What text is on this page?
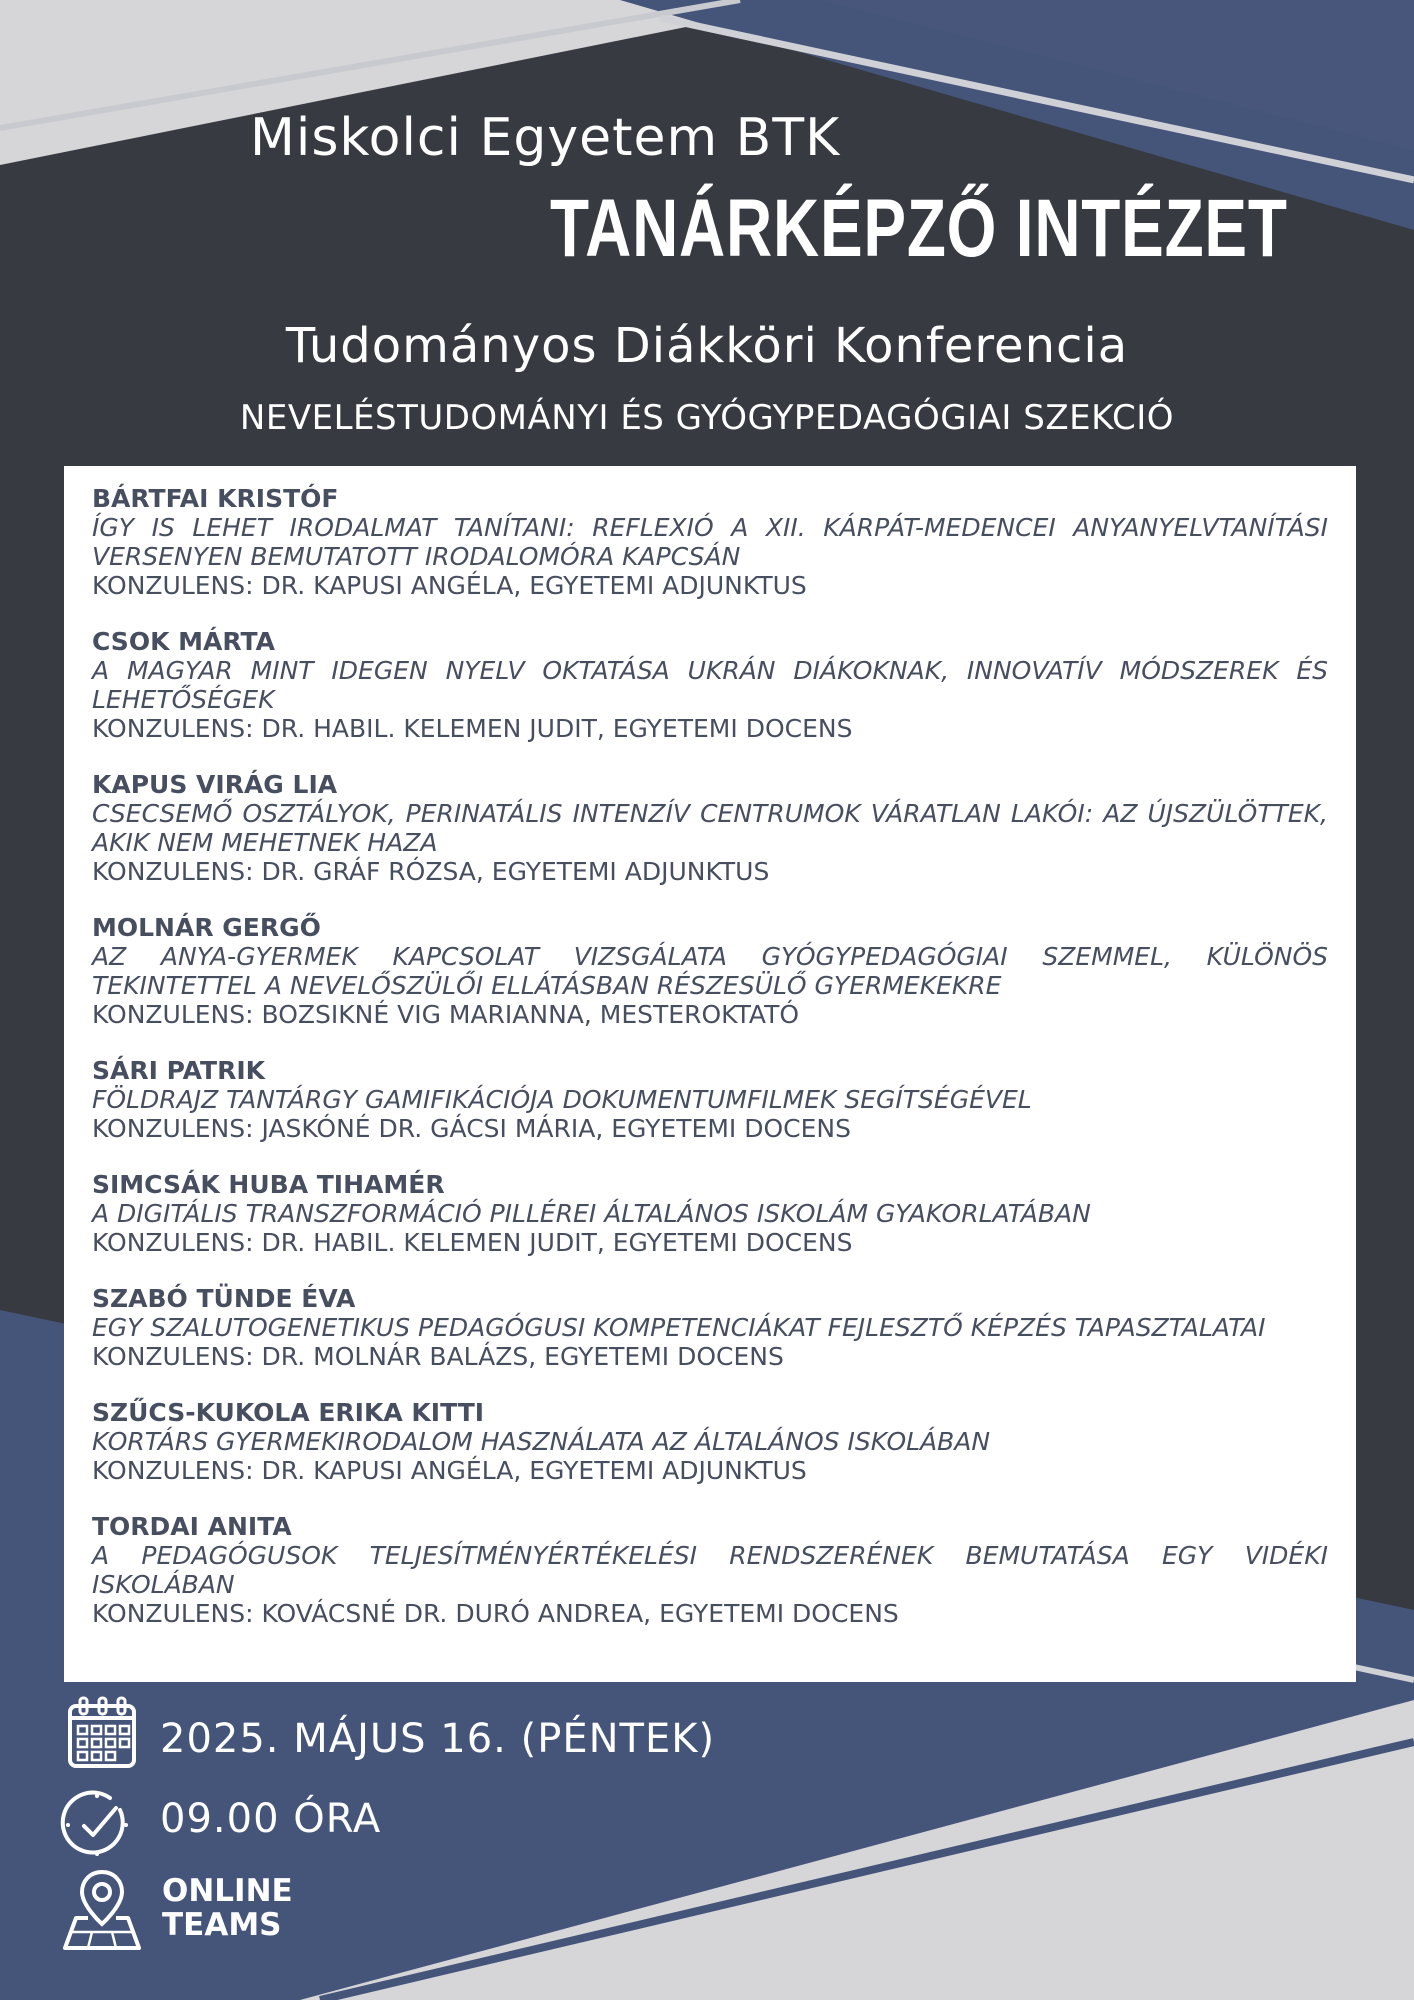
Miskolci Egyetem BTK
TANÁRKÉPZŐ INTÉZET
Tudományos Diákköri Konferencia
NEVELÉSTUDOMÁNYI ÉS GYÓGYPEDAGÓGIAI SZEKCIÓ
BÁRTFAI KRISTÓF
ÍGY IS LEHET IRODALMAT TANÍTANI: REFLEXIÓ A XII. KÁRPÁT-MEDENCEI ANYANYELVTANÍTÁSI VERSENYEN BEMUTATOTT IRODALOMÓRA KAPCSÁN
KONZULENS: DR. KAPUSI ANGÉLA, EGYETEMI ADJUNKTUS
CSOK MÁRTA
A MAGYAR MINT IDEGEN NYELV OKTATÁSA UKRÁN DIÁKOKNAK, INNOVATÍV MÓDSZEREK ÉS LEHETŐSÉGEK
KONZULENS: DR. HABIL. KELEMEN JUDIT, EGYETEMI DOCENS
KAPUS VIRÁG LIA
CSECSEMŐ OSZTÁLYOK, PERINATÁLIS INTENZÍV CENTRUMOK VÁRATLAN LAKÓI: AZ ÚJSZÜLÖTTEK, AKIK NEM MEHETNEK HAZA
KONZULENS: DR. GRÁF RÓZSA, EGYETEMI ADJUNKTUS
MOLNÁR GERGŐ
AZ ANYA-GYERMEK KAPCSOLAT VIZSGÁLATA GYÓGYPEDAGÓGIAI SZEMMEL, KÜLÖNÖS TEKINTETTEL A NEVELŐSZÜLŐI ELLÁTÁSBAN RÉSZESÜLŐ GYERMEKEKRE
KONZULENS: BOZSIKNÉ VIG MARIANNA, MESTEROKTATÓ
SÁRI PATRIK
FÖLDRAJZ TANTÁRGY GAMIFIKÁCIÓJA DOKUMENTUMFILMEK SEGÍTSÉGÉVEL
KONZULENS: JASKÓNÉ DR. GÁCSI MÁRIA, EGYETEMI DOCENS
SIMCSÁK HUBA TIHAMÉR
A DIGITÁLIS TRANSZFORMÁCIÓ PILLÉREI ÁLTALÁNOS ISKOLÁM GYAKORLATÁBAN
KONZULENS: DR. HABIL. KELEMEN JUDIT, EGYETEMI DOCENS
SZABÓ TÜNDE ÉVA
EGY SZALUTOGENETIKUS PEDAGÓGUSI KOMPETENCIÁKAT FEJLESZTŐ KÉPZÉS TAPASZTALATAI
KONZULENS: DR. MOLNÁR BALÁZS, EGYETEMI DOCENS
SZŰCS-KUKOLA ERIKA KITTI
KORTÁRS GYERMEKIRODALOM HASZNÁLATA AZ ÁLTALÁNOS ISKOLÁBAN
KONZULENS: DR. KAPUSI ANGÉLA, EGYETEMI ADJUNKTUS
TORDAI ANITA
A PEDAGÓGUSOK TELJESÍTMÉNYÉRTÉKELÉSI RENDSZERÉNEK BEMUTATÁSA EGY VIDÉKI ISKOLÁBAN
KONZULENS: KOVÁCSNÉ DR. DURÓ ANDREA, EGYETEMI DOCENS
2025. MÁJUS 16. (PÉNTEK)
09.00 ÓRA
ONLINE
TEAMS
